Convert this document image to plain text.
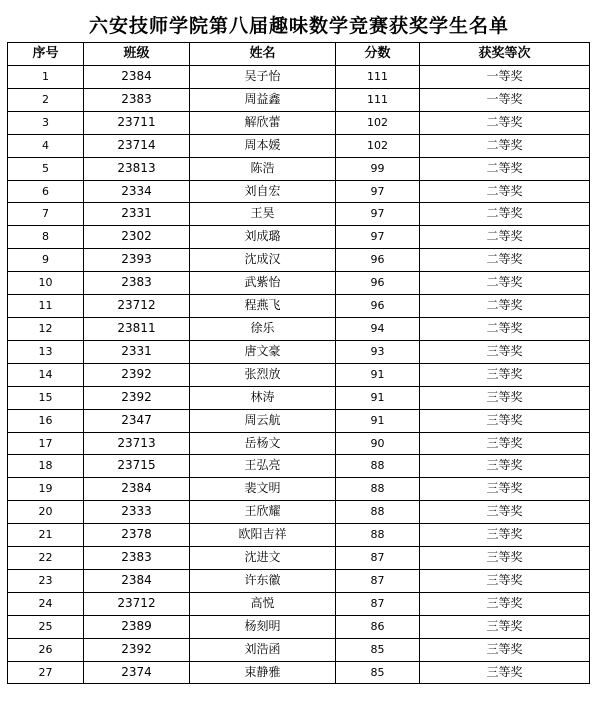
六安技师学院第八届趣味数学竞赛获奖学生名单
序号	班级	姓名	分数	获奖等次
1	2384	吴子怡	111	一等奖
2	2383	周益鑫	111	一等奖
3	23711	解欣蕾	102	二等奖
4	23714	周本媛	102	二等奖
5	23813	陈浩	99	二等奖
6	2334	刘自宏	97	二等奖
7	2331	王昊	97	二等奖
8	2302	刘成璐	97	二等奖
9	2393	沈成汉	96	二等奖
10	2383	武紫怡	96	二等奖
11	23712	程燕飞	96	二等奖
12	23811	徐乐	94	二等奖
13	2331	唐文豪	93	三等奖
14	2392	张烈放	91	三等奖
15	2392	林涛	91	三等奖
16	2347	周云航	91	三等奖
17	23713	岳杨文	90	三等奖
18	23715	王弘亮	88	三等奖
19	2384	裴文明	88	三等奖
20	2333	王欣耀	88	三等奖
21	2378	欧阳吉祥	88	三等奖
22	2383	沈进文	87	三等奖
23	2384	许东徽	87	三等奖
24	23712	高悦	87	三等奖
25	2389	杨刻明	86	三等奖
26	2392	刘浩函	85	三等奖
27	2374	束静雅	85	三等奖
